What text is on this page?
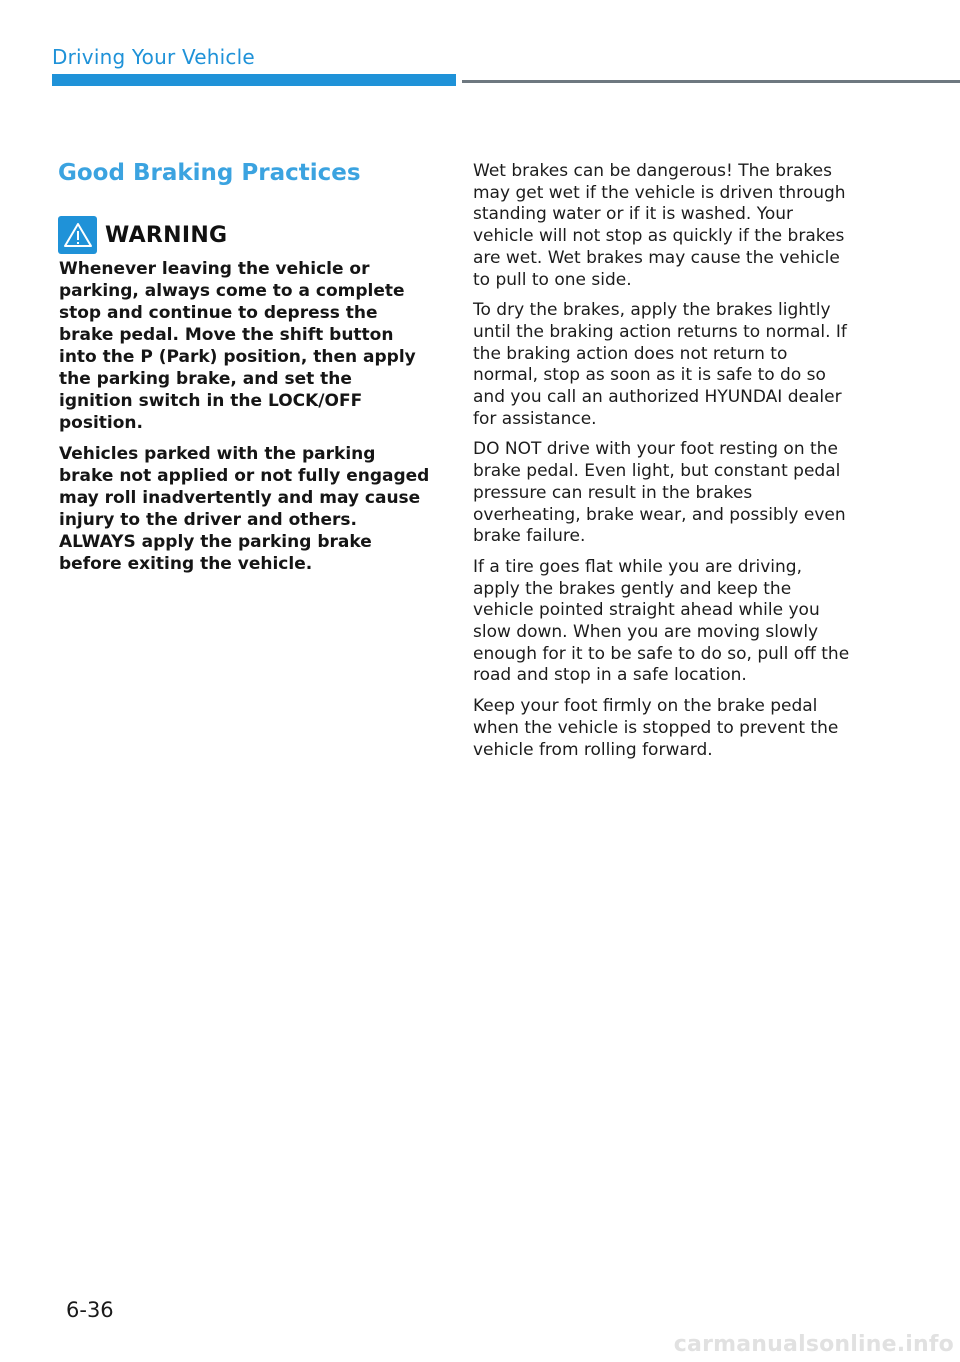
Driving Your Vehicle
Good Braking Practices
WARNING

Whenever leaving the vehicle or parking, always come to a complete stop and continue to depress the brake pedal. Move the shift button into the P (Park) position, then apply the parking brake, and set the ignition switch in the LOCK/OFF position.

Vehicles parked with the parking brake not applied or not fully engaged may roll inadvertently and may cause injury to the driver and others. ALWAYS apply the parking brake before exiting the vehicle.

Wet brakes can be dangerous! The brakes may get wet if the vehicle is driven through standing water or if it is washed. Your vehicle will not stop as quickly if the brakes are wet. Wet brakes may cause the vehicle to pull to one side.

To dry the brakes, apply the brakes lightly until the braking action returns to normal. If the braking action does not return to normal, stop as soon as it is safe to do so and you call an authorized HYUNDAI dealer for assistance.

DO NOT drive with your foot resting on the brake pedal. Even light, but constant pedal pressure can result in the brakes overheating, brake wear, and possibly even brake failure.

If a tire goes flat while you are driving, apply the brakes gently and keep the vehicle pointed straight ahead while you slow down. When you are moving slowly enough for it to be safe to do so, pull off the road and stop in a safe location.

Keep your foot firmly on the brake pedal when the vehicle is stopped to prevent the vehicle from rolling forward.

6-36
carmanualsonline.info
